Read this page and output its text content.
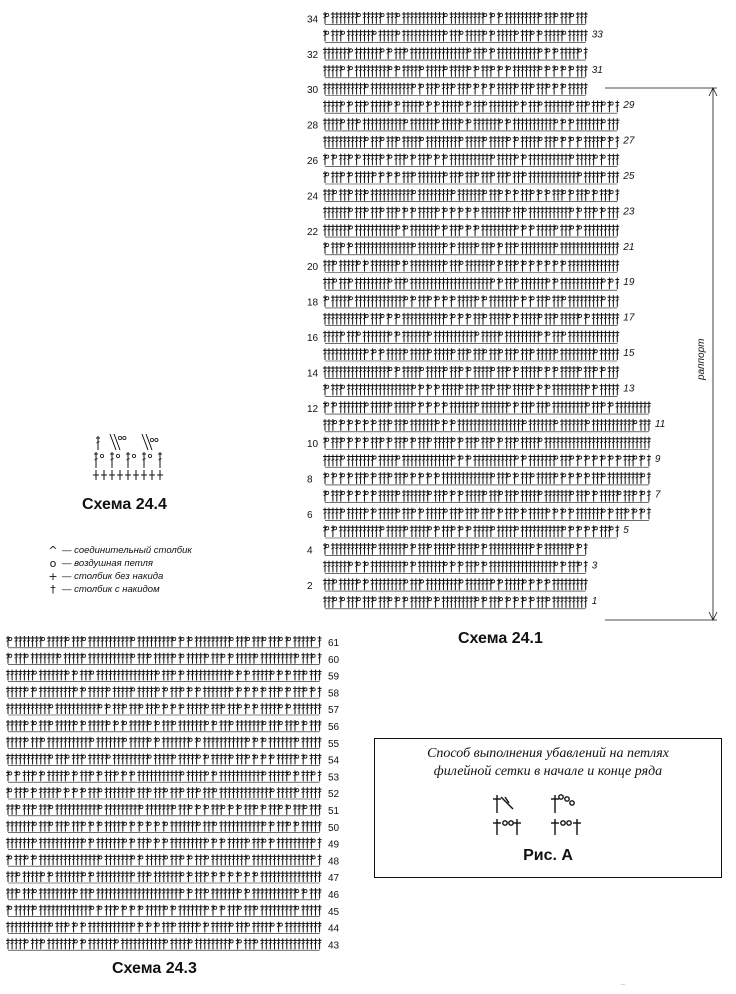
34
33
32
31
30
29
28
27
26
25
24
23
22
21
20
19
18
17
16
15
14
13
12
11
10
9
8
7
6
5
4
3
2
1

Схема 24.1

раппорт

Схема 24.4

^ — соединительный столбик
o — воздушная петля
+ — столбик без накида
† — столбик с накидом
61
60
59
58
57
56
55
54
53
52
51
50
49
48
47
46
45
44
43

Схема 24.3

Способ выполнения убавлений на петлях
филейной сетки в начале и конце ряда
Рис. А
~
